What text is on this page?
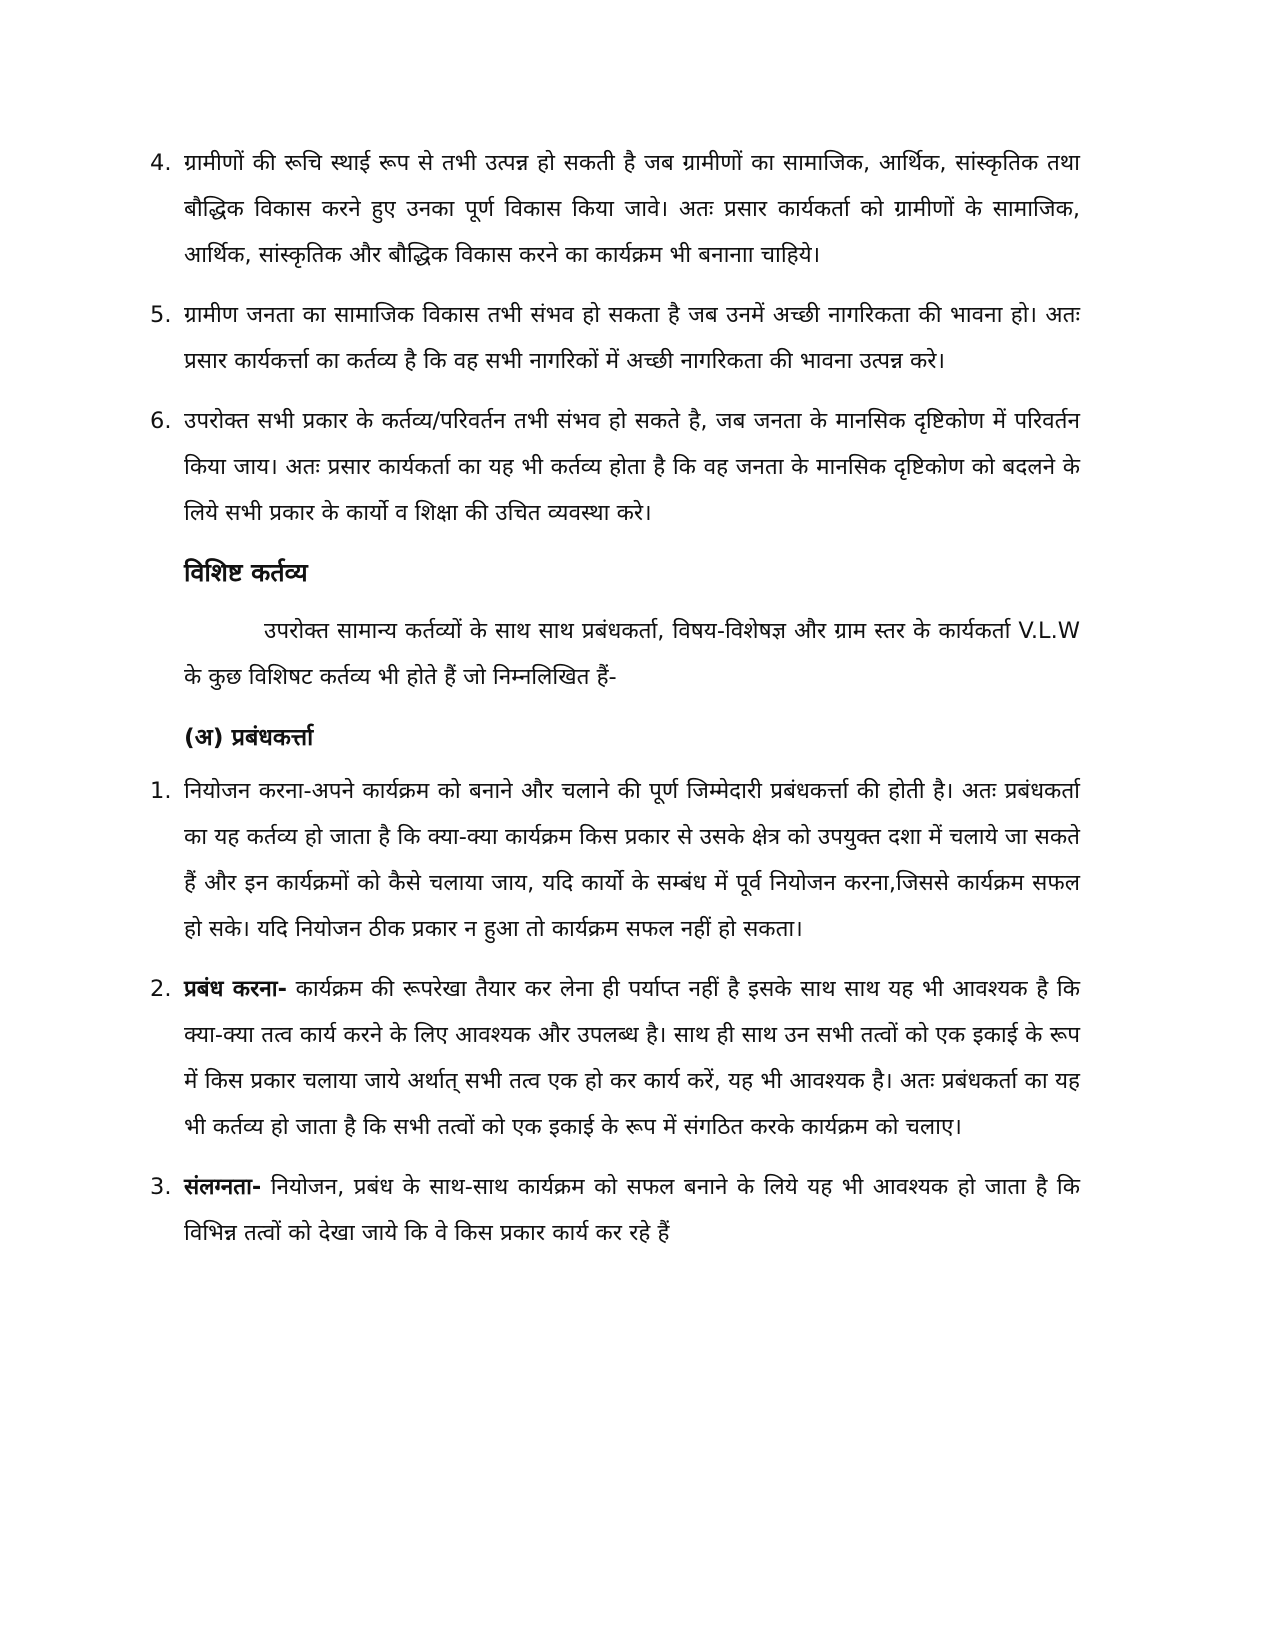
4. ग्रामीणों की रूचि स्थाई रूप से तभी उत्पन्न हो सकती है जब ग्रामीणों का सामाजिक, आर्थिक, सांस्कृतिक तथा बौद्धिक विकास करने हुए उनका पूर्ण विकास किया जावे। अतः प्रसार कार्यकर्ता को ग्रामीणों के सामाजिक, आर्थिक, सांस्कृतिक और बौद्धिक विकास करने का कार्यक्रम भी बनानाा चाहिये।
5. ग्रामीण जनता का सामाजिक विकास तभी संभव हो सकता है जब उनमें अच्छी नागरिकता की भावना हो। अतः प्रसार कार्यकर्त्ता का कर्तव्य है कि वह सभी नागरिकों में अच्छी नागरिकता की भावना उत्पन्न करे।
6. उपरोक्त सभी प्रकार के कर्तव्य/परिवर्तन तभी संभव हो सकते है, जब जनता के मानसिक दृष्टिकोण में परिवर्तन किया जाय। अतः प्रसार कार्यकर्ता का यह भी कर्तव्य होता है कि वह जनता के मानसिक दृष्टिकोण को बदलने के लिये सभी प्रकार के कार्यो व शिक्षा की उचित व्यवस्था करे।
विशिष्ट कर्तव्य
उपरोक्त सामान्य कर्तव्यों के साथ साथ प्रबंधकर्ता, विषय-विशेषज्ञ और ग्राम स्तर के कार्यकर्ता V.L.W के कुछ विशिषट कर्तव्य भी होते हैं जो निम्नलिखित हैं-
(अ) प्रबंधकर्त्ता
1. नियोजन करना-अपने कार्यक्रम को बनाने और चलाने की पूर्ण जिम्मेदारी प्रबंधकर्त्ता की होती है। अतः प्रबंधकर्ता का यह कर्तव्य हो जाता है कि क्या-क्या कार्यक्रम किस प्रकार से उसके क्षेत्र को उपयुक्त दशा में चलाये जा सकते हैं और इन कार्यक्रमों को कैसे चलाया जाय, यदि कार्यो के सम्बंध में पूर्व नियोजन करना,जिससे कार्यक्रम सफल हो सके। यदि नियोजन ठीक प्रकार न हुआ तो कार्यक्रम सफल नहीं हो सकता।
2. प्रबंध करना- कार्यक्रम की रूपरेखा तैयार कर लेना ही पर्याप्त नहीं है इसके साथ साथ यह भी आवश्यक है कि क्या-क्या तत्व कार्य करने के लिए आवश्यक और उपलब्ध है। साथ ही साथ उन सभी तत्वों को एक इकाई के रूप में किस प्रकार चलाया जाये अर्थात् सभी तत्व एक हो कर कार्य करें, यह भी आवश्यक है। अतः प्रबंधकर्ता का यह भी कर्तव्य हो जाता है कि सभी तत्वों को एक इकाई के रूप में संगठित करके कार्यक्रम को चलाए।
3. संलग्नता- नियोजन, प्रबंध के साथ-साथ कार्यक्रम को सफल बनाने के लिये यह भी आवश्यक हो जाता है कि विभिन्न तत्वों को देखा जाये कि वे किस प्रकार कार्य कर रहे हैं
